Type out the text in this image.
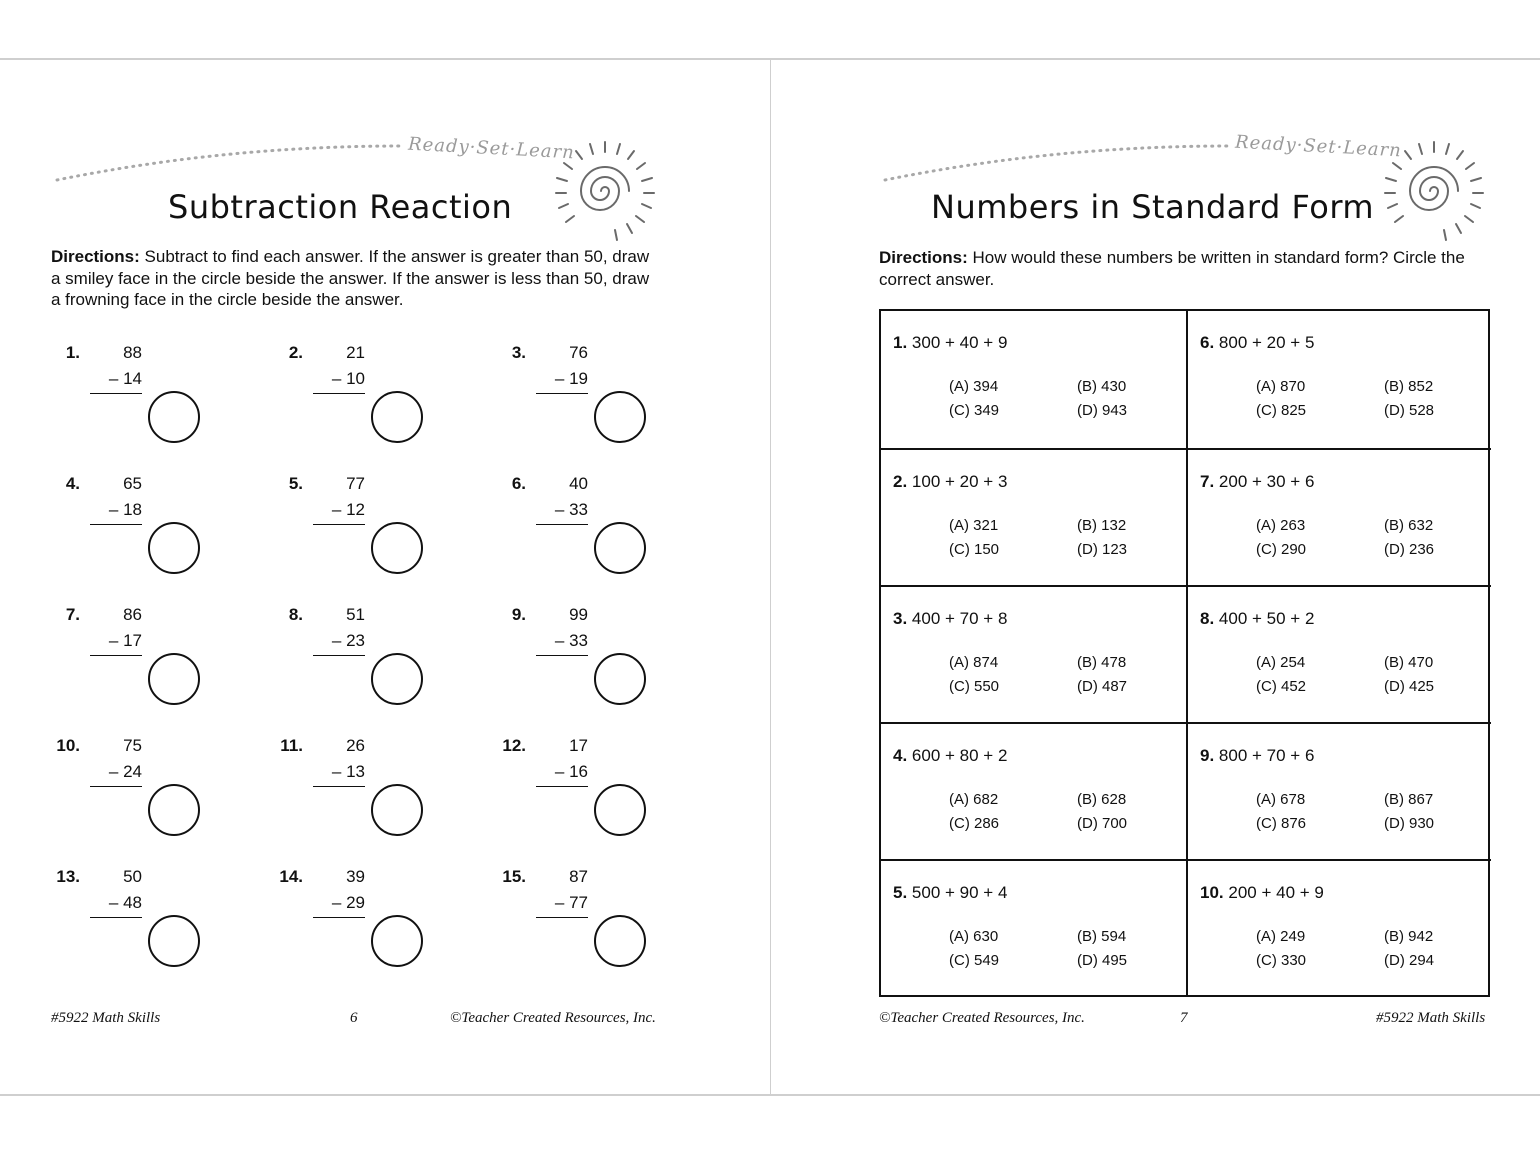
Ready·Set·Learn
Subtraction Reaction
Directions: Subtract to find each answer. If the answer is greater than 50, draw a smiley face in the circle beside the answer. If the answer is less than 50, draw a frowning face in the circle beside the answer.
1.	88
– 14
2.	21
– 10
3.	76
– 19
4.	65
– 18
5.	77
– 12
6.	40
– 33
7.	86
– 17
8.	51
– 23
9.	99
– 33
10.	75
– 24
11.	26
– 13
12.	17
– 16
13.	50
– 48
14.	39
– 29
15.	87
– 77
#5922 Math Skills	6	©Teacher Created Resources, Inc.
Ready·Set·Learn
Numbers in Standard Form
Directions: How would these numbers be written in standard form? Circle the correct answer.
1. 300 + 40 + 9
(A) 394	(B) 430
(C) 349	(D) 943
6. 800 + 20 + 5
(A) 870	(B) 852
(C) 825	(D) 528
2. 100 + 20 + 3
(A) 321	(B) 132
(C) 150	(D) 123
7. 200 + 30 + 6
(A) 263	(B) 632
(C) 290	(D) 236
3. 400 + 70 + 8
(A) 874	(B) 478
(C) 550	(D) 487
8. 400 + 50 + 2
(A) 254	(B) 470
(C) 452	(D) 425
4. 600 + 80 + 2
(A) 682	(B) 628
(C) 286	(D) 700
9. 800 + 70 + 6
(A) 678	(B) 867
(C) 876	(D) 930
5. 500 + 90 + 4
(A) 630	(B) 594
(C) 549	(D) 495
10. 200 + 40 + 9
(A) 249	(B) 942
(C) 330	(D) 294
©Teacher Created Resources, Inc.	7	#5922 Math Skills
